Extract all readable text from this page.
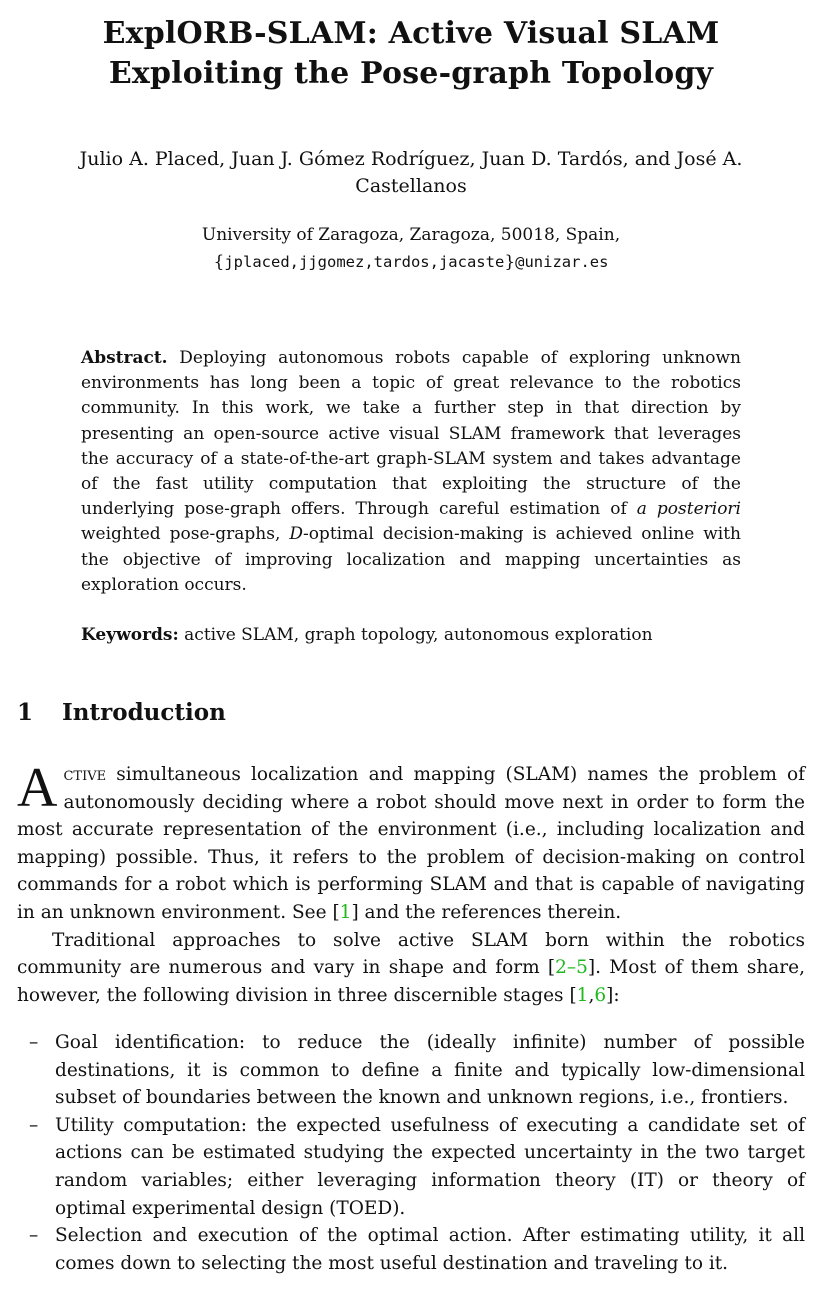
ExplORB-SLAM: Active Visual SLAM
Exploiting the Pose-graph Topology
Julio A. Placed, Juan J. Gómez Rodríguez, Juan D. Tardós, and José A. Castellanos
University of Zaragoza, Zaragoza, 50018, Spain,
{jplaced,jjgomez,tardos,jacaste}@unizar.es
Abstract. Deploying autonomous robots capable of exploring unknown environments has long been a topic of great relevance to the robotics community. In this work, we take a further step in that direction by presenting an open-source active visual SLAM framework that leverages the accuracy of a state-of-the-art graph-SLAM system and takes advantage of the fast utility computation that exploiting the structure of the underlying pose-graph offers. Through careful estimation of a posteriori weighted pose-graphs, D-optimal decision-making is achieved online with the objective of improving localization and mapping uncertainties as exploration occurs.
Keywords: active SLAM, graph topology, autonomous exploration
1 Introduction

Active simultaneous localization and mapping (SLAM) names the problem of autonomously deciding where a robot should move next in order to form the most accurate representation of the environment (i.e., including localization and mapping) possible. Thus, it refers to the problem of decision-making on control commands for a robot which is performing SLAM and that is capable of navigating in an unknown environment. See [1] and the references therein.

Traditional approaches to solve active SLAM born within the robotics community are numerous and vary in shape and form [2–5]. Most of them share, however, the following division in three discernible stages [1,6]:

– Goal identification: to reduce the (ideally infinite) number of possible destinations, it is common to define a finite and typically low-dimensional subset of boundaries between the known and unknown regions, i.e., frontiers.
– Utility computation: the expected usefulness of executing a candidate set of actions can be estimated studying the expected uncertainty in the two target random variables; either leveraging information theory (IT) or theory of optimal experimental design (TOED).
– Selection and execution of the optimal action. After estimating utility, it all comes down to selecting the most useful destination and traveling to it.
